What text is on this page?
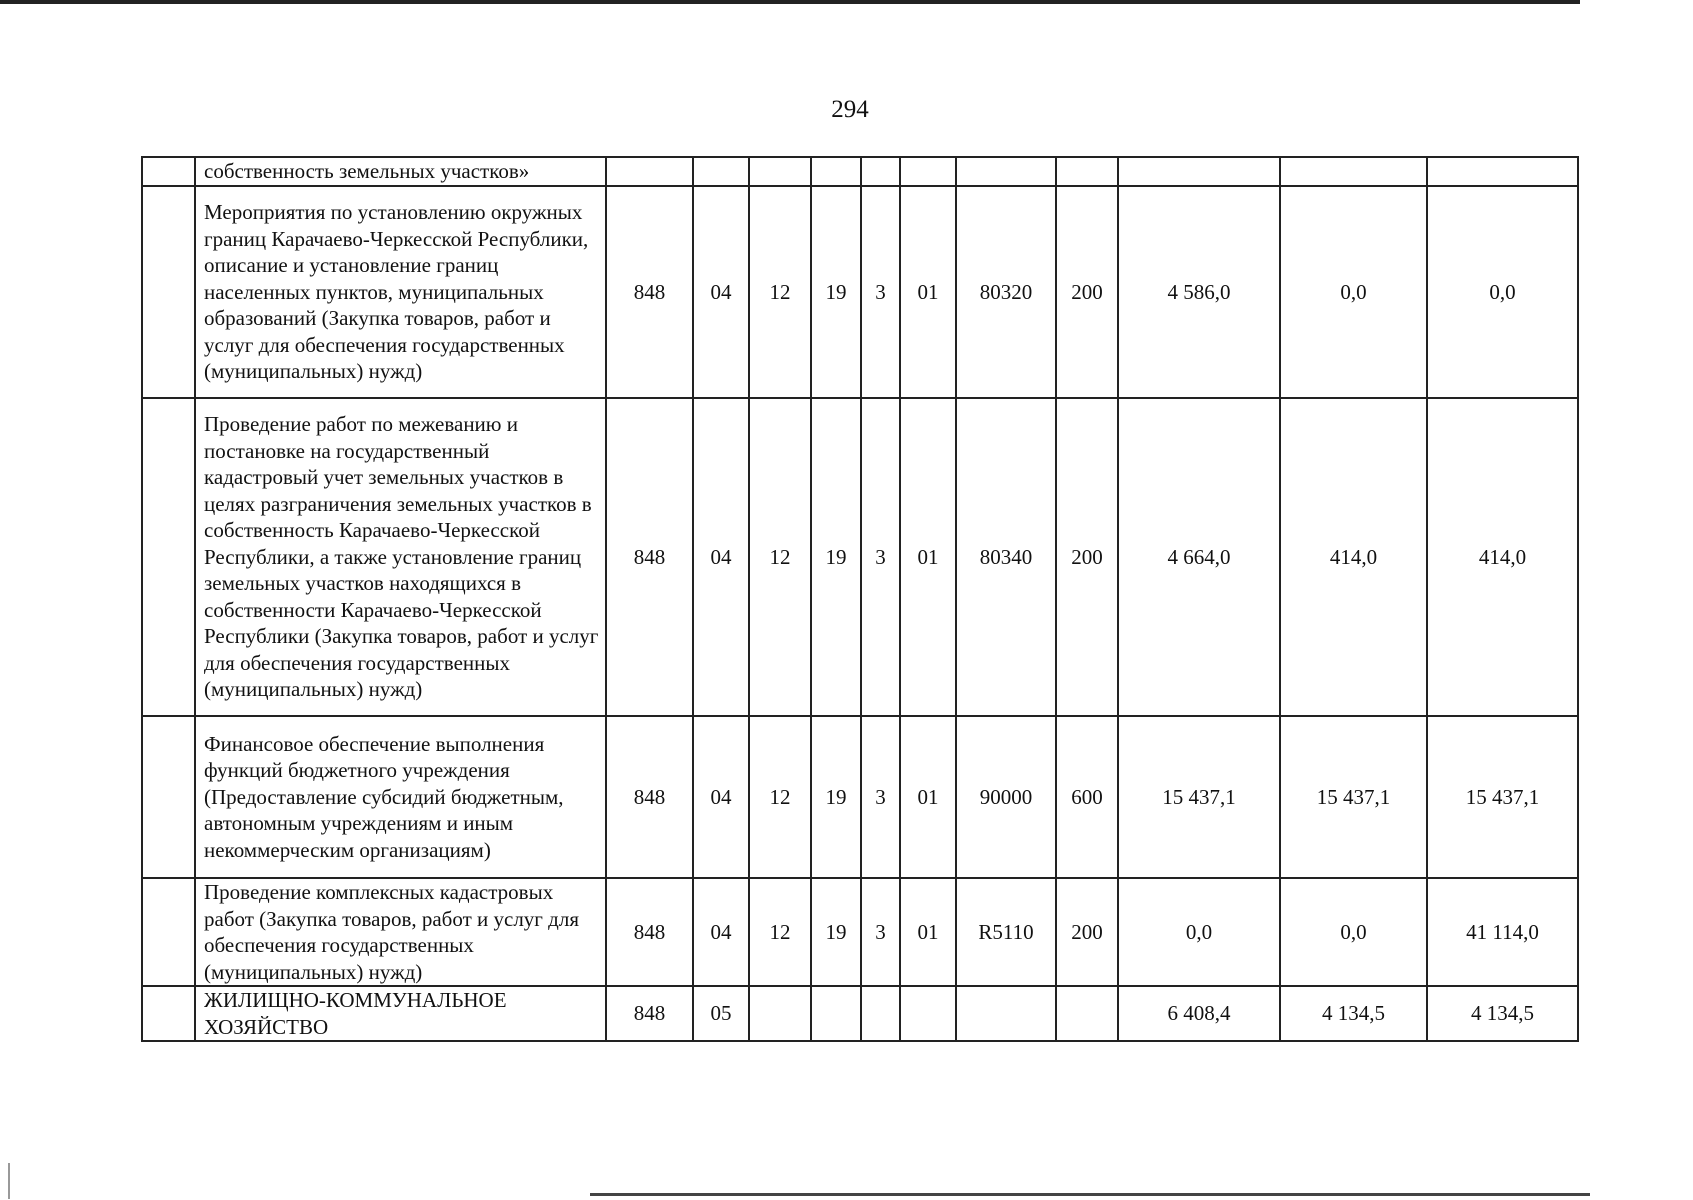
294
	собственность земельных участков»											
	Мероприятия по установлению окружных границ Карачаево-Черкесской Республики, описание и установление границ населенных пунктов, муниципальных образований (Закупка товаров, работ и услуг для обеспечения государственных (муниципальных) нужд)	848	04	12	19	3	01	80320	200	4 586,0	0,0	0,0
	Проведение работ по межеванию и постановке на государственный кадастровый учет земельных участков в целях разграничения земельных участков в собственность Карачаево-Черкесской Республики, а также установление границ земельных участков находящихся в собственности Карачаево-Черкесской Республики (Закупка товаров, работ и услуг для обеспечения государственных (муниципальных) нужд)	848	04	12	19	3	01	80340	200	4 664,0	414,0	414,0
	Финансовое обеспечение выполнения функций бюджетного учреждения (Предоставление субсидий бюджетным, автономным учреждениям и иным некоммерческим организациям)	848	04	12	19	3	01	90000	600	15 437,1	15 437,1	15 437,1
	Проведение комплексных кадастровых работ (Закупка товаров, работ и услуг для обеспечения государственных (муниципальных) нужд)	848	04	12	19	3	01	R5110	200	0,0	0,0	41 114,0
	ЖИЛИЩНО-КОММУНАЛЬНОЕ ХОЗЯЙСТВО	848	05							6 408,4	4 134,5	4 134,5
